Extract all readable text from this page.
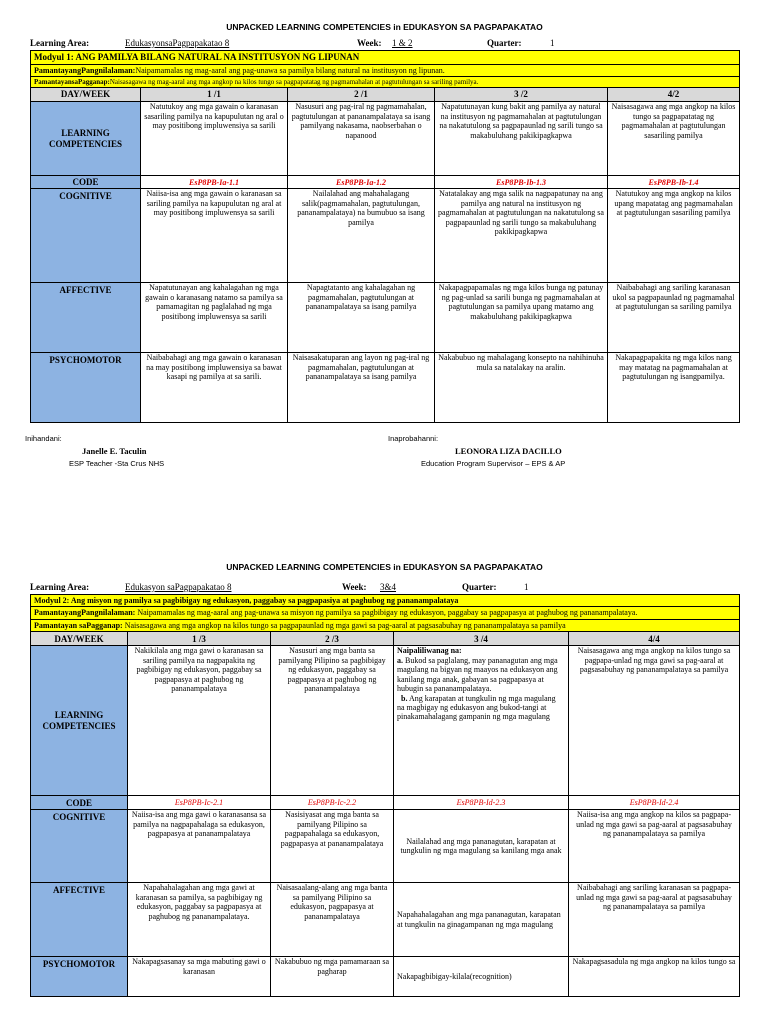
UNPACKED LEARNING COMPETENCIES in EDUKASYON SA PAGPAPAKATAO

Learning Area:	EdukasyonsaPagpapakatao 8	Week: 1 & 2	Quarter:	1
Modyul 1: ANG PAMILYA BILANG NATURAL NA INSTITUSYON NG LIPUNAN				
PamantayangPangnilalaman:Naipamamalas ng mag-aaral ang pag-unawa sa pamilya bilang natural na institusyon ng lipunan.				
PamantayansaPagganap:Naisasagawa ng mag-aaral ang mga angkop na kilos tungo sa pagpapatatag ng pagmamahalan at pagtutulungan sa sariling pamilya.				
DAY/WEEK	1 /1	2 /1	3 /2	4/2
LEARNING COMPETENCIES	Natutukoy ang mga gawain o karanasan sasariling pamilya na kapupulutan ng aral o may positibong impluwensiya sa sarili	Nasusuri ang pag-iral ng pagmamahalan, pagtutulungan at pananampalataya sa isang pamilyang nakasama, naobserbahan o napanood	Napatutunayan kung bakit ang pamilya ay natural na institusyon ng pagmamahalan at pagtutulungan na nakatutulong sa pagpapaunlad ng sarili tungo sa makabuluhang pakikipagkapwa	Naisasagawa ang mga angkop na kilos tungo sa pagpapatatag ng pagmamahalan at pagtutulungan sasariling pamilya
CODE	EsP8PB-Ia-1.1	EsP8PB-Ia-1.2	EsP8PB-Ib-1.3	EsP8PB-Ib-1.4
COGNITIVE	Naiisa-isa ang mga gawain o karanasan sa sariling pamilya na kapupulutan ng aral at may positibong impluwensya sa sarili	Nailalahad ang mahahalagang salik(pagmamahalan, pagtutulungan, pananampalataya) na bumubuo sa isang pamilya	Natatalakay ang mga salik na nagpapatunay na ang pamilya ang natural na institusyon ng pagmamahalan at pagtutulungan na nakatutulong sa pagpapaunlad ng sarili tungo sa makabuluhang pakikipagkapwa	Natutukoy ang mga angkop na kilos upang mapatatag ang pagmamahalan at pagtutulungan sasariling pamilya
AFFECTIVE	Napatutunayan ang kahalagahan ng mga gawain o karanasang natamo sa pamilya sa pamamagitan ng paglalahad ng mga positibong impluwensya sa sarili	Napagtatanto ang kahalagahan ng pagmamahalan, pagtutulungan at pananampalataya sa isang pamilya	Nakapagpapamalas ng mga kilos bunga ng patunay ng pag-unlad sa sarili bunga ng pagmamahalan at pagtutulungan sa pamilya upang matamo ang makabuluhang pakikipagkapwa	Naibabahagi ang sariling karanasan ukol sa pagpapaunlad ng pagmamahal at pagtutulungan sa sariling pamilya
PSYCHOMOTOR	Naibabahagi ang mga gawain o karanasan na may positibong impluwensiya sa bawat kasapi ng pamilya at sa sarili.	Naisasakatuparan ang layon ng pag-iral ng pagmamahalan, pagtutulungan at pananampalataya sa isang pamilya	Nakabubuo ng mahalagang konsepto na nahihinuha mula sa natalakay na aralin.	Nakapagpapakita ng mga kilos nang may matatag na pagmamahalan at pagtutulungan ng isangpamilya.
Inihandani:
Janelle E. Taculin
ESP Teacher -Sta Crus NHS
Inaprobahanni:
LEONORA LIZA DACILLO
Education Program Supervisor – EPS & AP

UNPACKED LEARNING COMPETENCIES in EDUKASYON SA PAGPAPAKATAO

Learning Area:	Edukasyon saPagpapakatao 8	Week: 3&4	Quarter:	1
Modyul 2: Ang misyon ng pamilya sa pagbibigay ng edukasyon, paggabay sa pagpapasiya at paghubog ng pananampalataya				
PamantayangPangnilalaman: Naipamamalas ng mag-aaral ang pag-unawa sa misyon ng pamilya sa pagbibigay ng edukasyon, paggabay sa pagpapasya at paghubog ng pananampalataya.				
Pamantayan saPagganap: Naisasagawa ang mga angkop na kilos tungo sa pagpapaunlad ng mga gawi sa pag-aaral at pagsasabuhay ng pananampalataya sa pamilya				
DAY/WEEK	1 /3	2 /3	3 /4	4/4
LEARNING COMPETENCIES	Nakikilala ang mga gawi o karanasan sa sariling pamilya na nagpapakita ng pagbibigay ng edukasyon, paggabay sa pagpapasya at paghubog ng pananampalataya	Nasusuri ang mga banta sa pamilyang Pilipino sa pagbibigay ng edukasyon, paggabay sa pagpapasya at paghubog ng pananampalataya	Naipaliliwanag na:
a. Bukod sa paglalang, may pananagutan ang mga magulang na bigyan ng maayos na edukasyon ang kanilang mga anak, gabayan sa pagpapasya at hubugin sa pananampalataya.
b. Ang karapatan at tungkulin ng mga magulang na magbigay ng edukasyon ang bukod-tangi at pinakamahalagang gampanin ng mga magulang	Naisasagawa ang mga angkop na kilos tungo sa pagpapa-unlad ng mga gawi sa pag-aaral at pagsasabuhay ng pananampalataya sa pamilya
CODE	EsP8PB-Ic-2.1	EsP8PB-Ic-2.2	EsP8PB-Id-2.3	EsP8PB-Id-2.4
COGNITIVE	Naiisa-isa ang mga gawi o karanasansa sa pamilya na nagpapahalaga sa edukasyon, pagpapasya at pananampalataya	Nasisiyasat ang mga banta sa pamilyang Pilipino sa pagpapahalaga sa edukasyon, pagpapasya at pananampalataya	Nailalahad ang mga pananagutan, karapatan at tungkulin ng mga magulang sa kanilang mga anak	Naiisa-isa ang mga angkop na kilos sa pagpapa-unlad ng mga gawi sa pag-aaral at pagsasabuhay ng pananampalataya sa pamilya
AFFECTIVE	Napahahalagahan ang mga gawi at karanasan sa pamilya, sa pagbibigay ng edukasyon, paggabay sa pagpapasya at paghubog ng pananampalataya.	Naisasaalang-alang ang mga banta sa pamilyang Pilipino sa edukasyon, pagpapasya at pananampalataya	Napahahalagahan ang mga pananagutan, karapatan at tungkulin na ginagampanan ng mga magulang	Naibabahagi ang sariling karanasan sa pagpapa-unlad ng mga gawi sa pag-aaral at pagsasabuhay ng pananampalataya sa pamilya
PSYCHOMOTOR	Nakapagsasanay sa mga mabuting gawi o karanasan	Nakabubuo ng mga pamamaraan sa pagharap	Nakapagbibigay-kilala(recognition)	Nakapagsasadula ng mga angkop na kilos tungo sa
